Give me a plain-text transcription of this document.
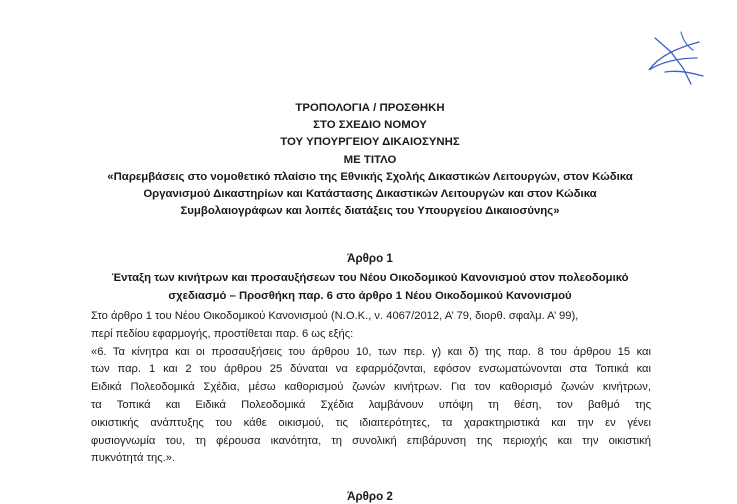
ΤΡΟΠΟΛΟΓΙΑ / ΠΡΟΣΘΗΚΗ
ΣΤΟ ΣΧΕΔΙΟ ΝΟΜΟΥ
ΤΟΥ ΥΠΟΥΡΓΕΙΟΥ ΔΙΚΑΙΟΣΥΝΗΣ
ΜΕ ΤΙΤΛΟ
«Παρεμβάσεις στο νομοθετικό πλαίσιο της Εθνικής Σχολής Δικαστικών Λειτουργών, στον Κώδικα
Οργανισμού Δικαστηρίων και Κατάστασης Δικαστικών Λειτουργών και στον Κώδικα
Συμβολαιογράφων και λοιπές διατάξεις του Υπουργείου Δικαιοσύνης»
Άρθρο 1
Ένταξη των κινήτρων και προσαυξήσεων του Νέου Οικοδομικού Κανονισμού στον πολεοδομικό
σχεδιασμό – Προσθήκη παρ. 6 στο άρθρο 1 Νέου Οικοδομικού Κανονισμού
Στο άρθρο 1 του Νέου Οικοδομικού Κανονισμού (Ν.Ο.Κ., ν. 4067/2012, Α’ 79, διορθ. σφαλμ. Α’ 99),
περί πεδίου εφαρμογής, προστίθεται παρ. 6 ως εξής:
«6. Τα κίνητρα και οι προσαυξήσεις του άρθρου 10, των περ. γ) και δ) της παρ. 8 του άρθρου 15 και
των παρ. 1 και 2 του άρθρου 25 δύναται να εφαρμόζονται, εφόσον ενσωματώνονται στα Τοπικά και
Ειδικά Πολεοδομικά Σχέδια, μέσω καθορισμού ζωνών κινήτρων. Για τον καθορισμό ζωνών κινήτρων,
τα Τοπικά και Ειδικά Πολεοδομικά Σχέδια λαμβάνουν υπόψη τη θέση, τον βαθμό της
οικιστικής ανάπτυξης του κάθε οικισμού, τις ιδιαιτερότητες, τα χαρακτηριστικά και την εν γένει
φυσιογνωμία του, τη φέρουσα ικανότητα, τη συνολική επιβάρυνση της περιοχής και την οικιστική
πυκνότητά της.».
Άρθρο 2
